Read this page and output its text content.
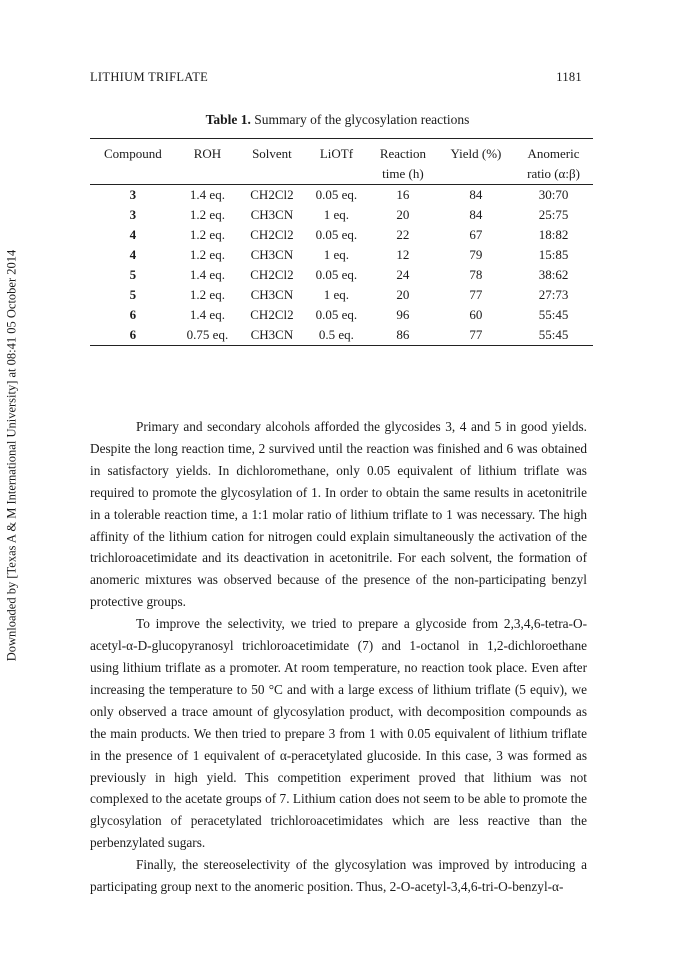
LITHIUM TRIFLATE	1181
Table 1. Summary of the glycosylation reactions
Compound	ROH	Solvent	LiOTf	Reaction	Yield (%)	Anomeric
				time (h)		ratio (α:β)
3	1.4 eq.	CH2Cl2	0.05 eq.	16	84	30:70
3	1.2 eq.	CH3CN	1 eq.	20	84	25:75
4	1.2 eq.	CH2Cl2	0.05 eq.	22	67	18:82
4	1.2 eq.	CH3CN	1 eq.	12	79	15:85
5	1.4 eq.	CH2Cl2	0.05 eq.	24	78	38:62
5	1.2 eq.	CH3CN	1 eq.	20	77	27:73
6	1.4 eq.	CH2Cl2	0.05 eq.	96	60	55:45
6	0.75 eq.	CH3CN	0.5 eq.	86	77	55:45
Downloaded by [Texas A & M International University] at 08:41 05 October 2014	Primary and secondary alcohols afforded the glycosides 3, 4 and 5 in good yields. Despite the long reaction time, 2 survived until the reaction was finished and 6 was obtained in satisfactory yields. In dichloromethane, only 0.05 equivalent of lithium triflate was required to promote the glycosylation of 1. In order to obtain the same results in acetonitrile in a tolerable reaction time, a 1:1 molar ratio of lithium triflate to 1 was necessary. The high affinity of the lithium cation for nitrogen could explain simultaneously the activation of the trichloroacetimidate and its deactivation in acetonitrile. For each solvent, the formation of anomeric mixtures was observed because of the presence of the non-participating benzyl protective groups.

To improve the selectivity, we tried to prepare a glycoside from 2,3,4,6-tetra-O-acetyl-α-D-glucopyranosyl trichloroacetimidate (7) and 1-octanol in 1,2-dichloroethane using lithium triflate as a promoter. At room temperature, no reaction took place. Even after increasing the temperature to 50 °C and with a large excess of lithium triflate (5 equiv), we only observed a trace amount of glycosylation product, with decomposition compounds as the main products. We then tried to prepare 3 from 1 with 0.05 equivalent of lithium triflate in the presence of 1 equivalent of α-peracetylated glucoside. In this case, 3 was formed as previously in high yield. This competition experiment proved that lithium was not complexed to the acetate groups of 7. Lithium cation does not seem to be able to promote the glycosylation of peracetylated trichloroacetimidates which are less reactive than the perbenzylated sugars.

Finally, the stereoselectivity of the glycosylation was improved by introducing a participating group next to the anomeric position. Thus, 2-O-acetyl-3,4,6-tri-O-benzyl-α-
